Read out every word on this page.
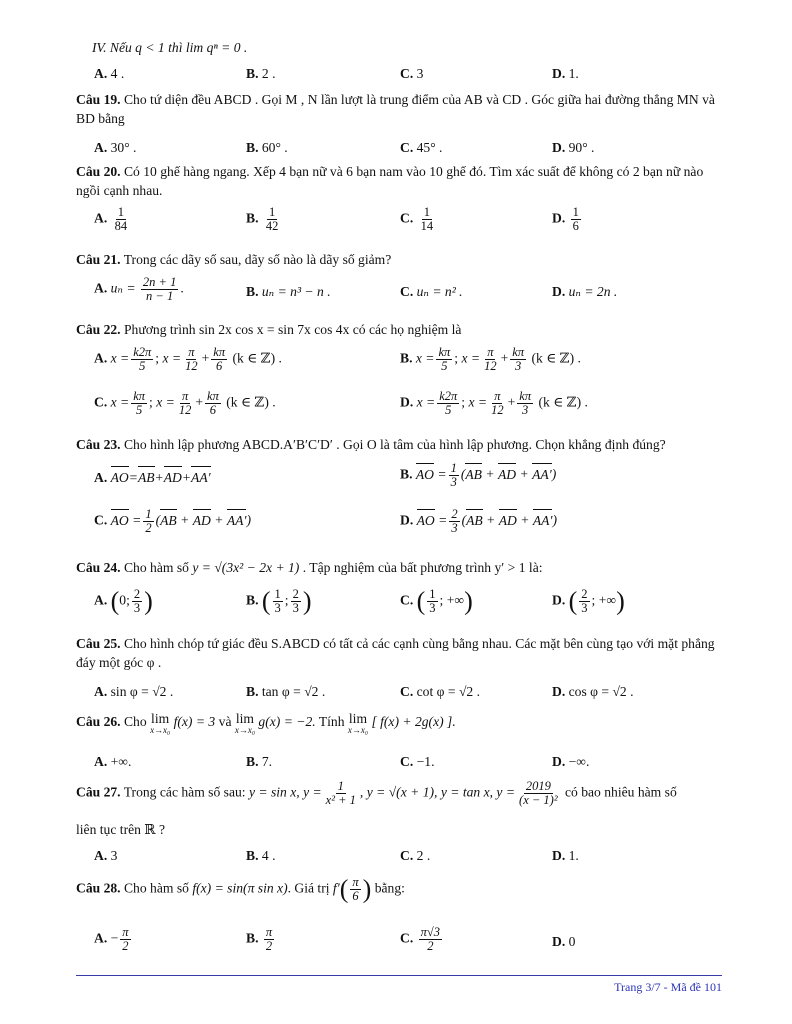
IV. Nếu q < 1 thì lim qⁿ = 0 .
A. 4 .	B. 2 .	C. 3	D. 1.
Câu 19. Cho tứ diện đều ABCD . Gọi M , N lần lượt là trung điểm của AB và CD . Góc giữa hai đường thẳng MN và BD bằng
A. 30° .	B. 60° .	C. 45° .	D. 90° .
Câu 20. Có 10 ghế hàng ngang. Xếp 4 bạn nữ và 6 bạn nam vào 10 ghế đó. Tìm xác suất để không có 2 bạn nữ nào ngồi cạnh nhau.
A. $\frac{1}{84}$	B. $\frac{1}{42}$	C. $\frac{1}{14}$	D. $\frac{1}{6}$
Câu 21. Trong các dãy số sau, dãy số nào là dãy số giảm?
A. $u_n = \frac{2n + 1}{n - 1}$ .	B. uₙ = n³ − n .	C. uₙ = n² .	D. uₙ = 2n .
Câu 22. Phương trình sin 2x cos x = sin 7x cos 4x có các họ nghiệm là
A. $x = \frac{k2\pi}{5}$ ; $x = \frac{\pi}{12} + \frac{k\pi}{6} (k$ ∈ ℤ) .	B. $x = \frac{k\pi}{5}$ ; $x = \frac{\pi}{12} + \frac{k\pi}{3} (k$ ∈ ℤ) .
C. $x = \frac{k\pi}{5}$ ; $x = \frac{\pi}{12} + \frac{k\pi}{6} (k$ ∈ ℤ) .	D. $x = \frac{k2\pi}{5}$ ; $x = \frac{\pi}{12} + \frac{k\pi}{3} (k$ ∈ ℤ) .
Câu 23. Cho hình lập phương ABCD.A′B′C′D′ . Gọi O là tâm của hình lập phương. Chọn khẳng định đúng?
A. AO=AB+AD+AA′	B. AO = $\frac{1}{3} (AB$ + AD + AA′)
C. AO = $\frac{1}{2} (AB$ + AD + AA′)	D. AO = $\frac{2}{3} (AB$ + AD + AA′)
Câu 24. Cho hàm số y = √(3x² − 2x + 1) . Tập nghiệm của bất phương trình y′ > 1 là:
A. (0; $\frac{2}{3}$ )	B. ( $\frac{1}{3}$ ; $\frac{2}{3}$ )	C. ( $\frac{1}{3}$ ; +∞)	D. ( $\frac{2}{3}$ ; +∞)
Câu 25. Cho hình chóp tứ giác đều S.ABCD có tất cả các cạnh cùng bằng nhau. Các mặt bên cùng tạo với mặt phẳng đáy một góc φ .
A. sin φ = √2 .	B. tan φ = √2 .	C. cot φ = √2 .	D. cos φ = √2 .
Câu 26. Cho lim
x→x₀
f(x) = 3 và lim
x→x₀
g(x) = −2. Tính lim
x→x₀
[ f(x) + 2g(x) ].
A. +∞.	B. 7.	C. −1.	D. −∞.
Câu 27. Trong các hàm số sau: y = sin x, $y = \frac{1}{\text{x² + 1}}$ , y = √(x + 1), y = tan x, $y = \frac{2019}{\text{(x − 1)²}}$ có bao nhiêu hàm số
liên tục trên ℝ ?
A. 3	B. 4 .	C. 2 .	D. 1.
Câu 28. Cho hàm số f(x) = sin(π sin x). Giá trị $f'( \frac{\pi}{6}$ ) bằng:
A. − $\frac{\pi}{2}$	B. $\frac{\pi}{2}$	C. $\frac{\pi√3}{2}$	D. 0
Trang 3/7 - Mã đề 101
